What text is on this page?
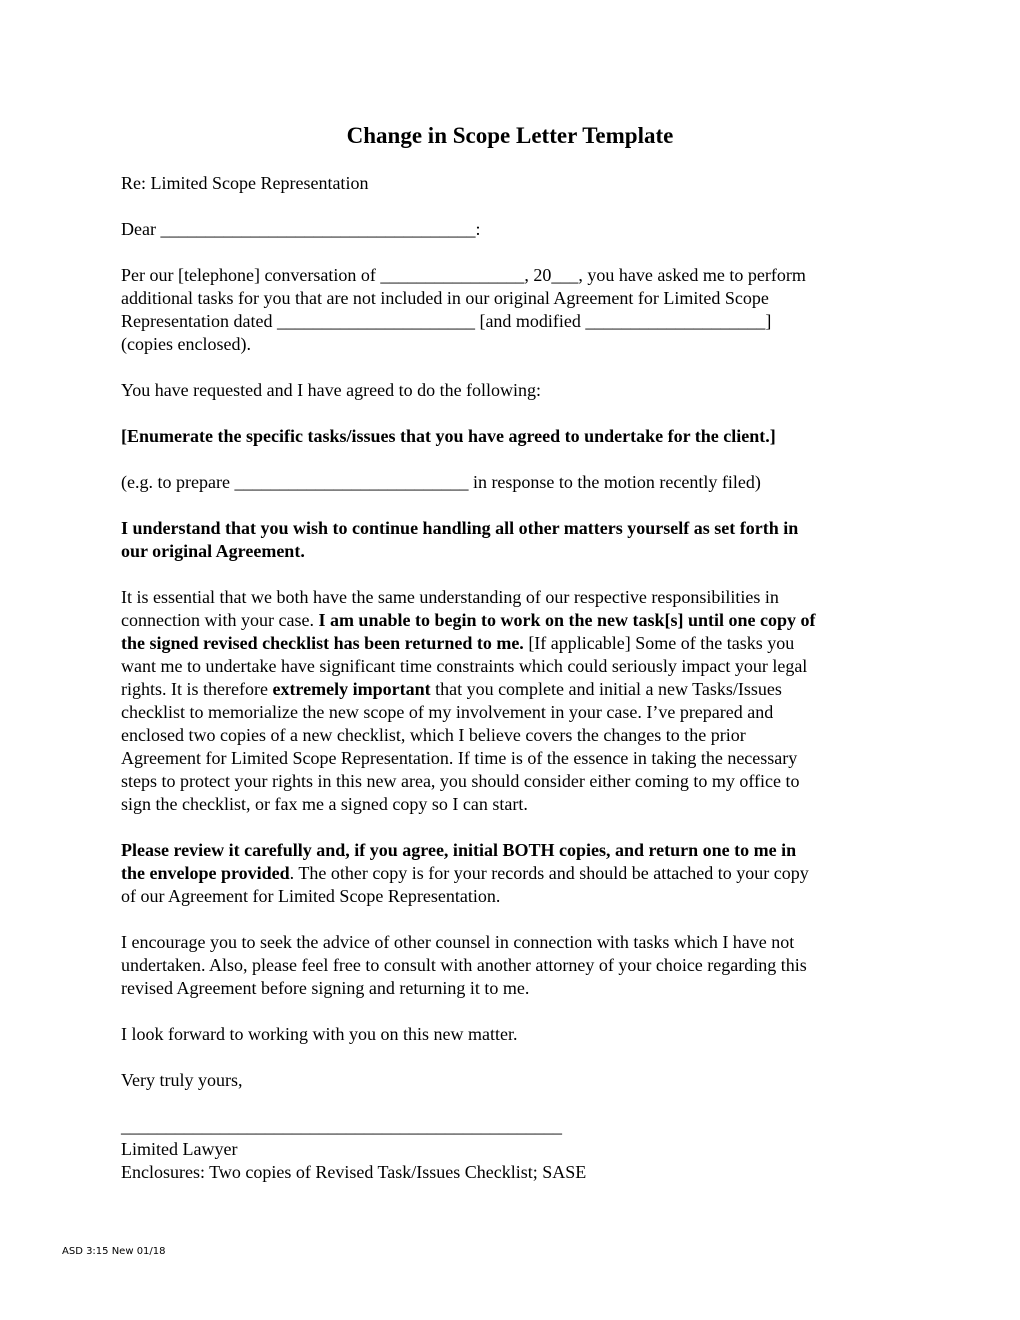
Change in Scope Letter Template

Re: Limited Scope Representation

Dear ___________________________________:

Per our [telephone] conversation of ________________, 20___, you have asked me to perform
additional tasks for you that are not included in our original Agreement for Limited Scope
Representation dated ______________________ [and modified ____________________]
(copies enclosed).

You have requested and I have agreed to do the following:

[Enumerate the specific tasks/issues that you have agreed to undertake for the client.]

(e.g. to prepare __________________________ in response to the motion recently filed)

I understand that you wish to continue handling all other matters yourself as set forth in
our original Agreement.

It is essential that we both have the same understanding of our respective responsibilities in
connection with your case. I am unable to begin to work on the new task[s] until one copy of
the signed revised checklist has been returned to me. [If applicable] Some of the tasks you
want me to undertake have significant time constraints which could seriously impact your legal
rights. It is therefore extremely important that you complete and initial a new Tasks/Issues
checklist to memorialize the new scope of my involvement in your case. I’ve prepared and
enclosed two copies of a new checklist, which I believe covers the changes to the prior
Agreement for Limited Scope Representation. If time is of the essence in taking the necessary
steps to protect your rights in this new area, you should consider either coming to my office to
sign the checklist, or fax me a signed copy so I can start.

Please review it carefully and, if you agree, initial BOTH copies, and return one to me in
the envelope provided. The other copy is for your records and should be attached to your copy
of our Agreement for Limited Scope Representation.

I encourage you to seek the advice of other counsel in connection with tasks which I have not
undertaken. Also, please feel free to consult with another attorney of your choice regarding this
revised Agreement before signing and returning it to me.

I look forward to working with you on this new matter.

Very truly yours,

_________________________________________________
Limited Lawyer
Enclosures: Two copies of Revised Task/Issues Checklist; SASE
ASD 3:15 New 01/18
